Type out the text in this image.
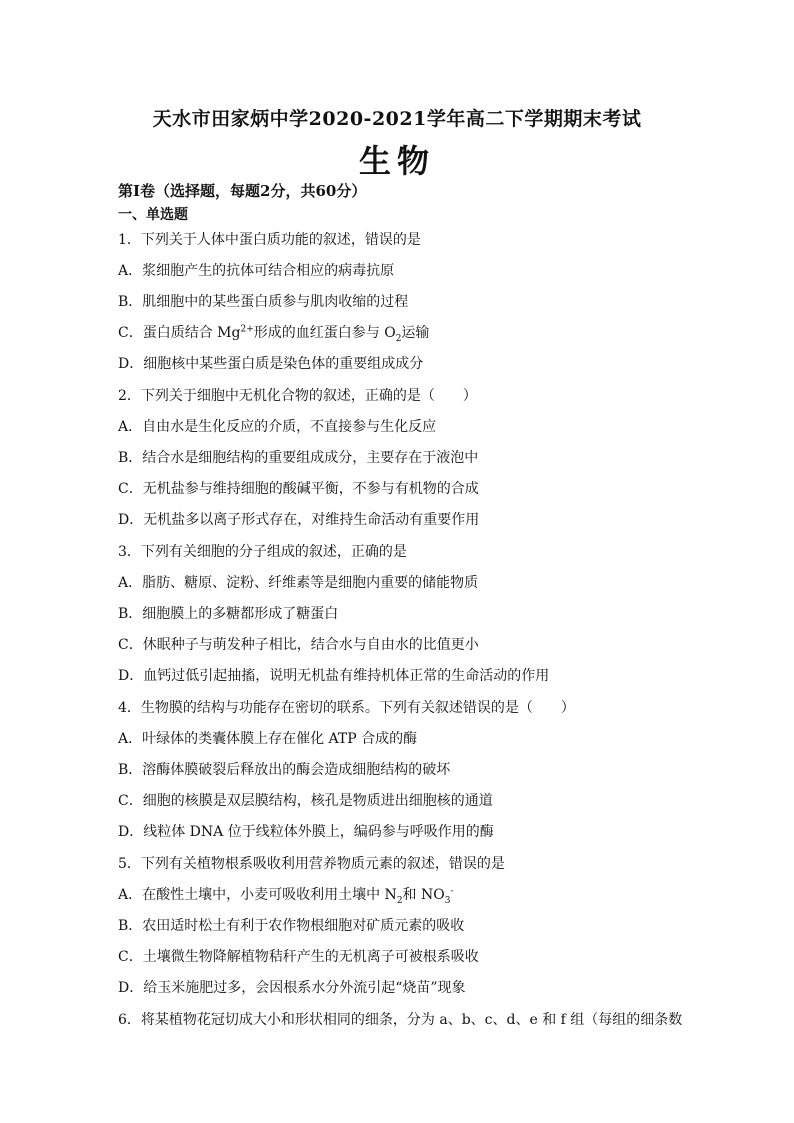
天水市田家炳中学2020-2021学年高二下学期期末考试
生物
第Ⅰ卷（选择题，每题2分，共60分）
一、单选题
1．下列关于人体中蛋白质功能的叙述，错误的是
A．浆细胞产生的抗体可结合相应的病毒抗原
B．肌细胞中的某些蛋白质参与肌肉收缩的过程
C．蛋白质结合 $Mg^{2+}$形成的血红蛋白参与 $O_2$运输
D．细胞核中某些蛋白质是染色体的重要组成成分
2．下列关于细胞中无机化合物的叙述，正确的是（　　）
A．自由水是生化反应的介质，不直接参与生化反应
B．结合水是细胞结构的重要组成成分，主要存在于液泡中
C．无机盐参与维持细胞的酸碱平衡，不参与有机物的合成
D．无机盐多以离子形式存在，对维持生命活动有重要作用
3．下列有关细胞的分子组成的叙述，正确的是
A．脂肪、糖原、淀粉、纤维素等是细胞内重要的储能物质
B．细胞膜上的多糖都形成了糖蛋白
C．休眠种子与萌发种子相比，结合水与自由水的比值更小
D．血钙过低引起抽搐，说明无机盐有维持机体正常的生命活动的作用
4．生物膜的结构与功能存在密切的联系。下列有关叙述错误的是（　　）
A．叶绿体的类囊体膜上存在催化 ATP 合成的酶
B．溶酶体膜破裂后释放出的酶会造成细胞结构的破坏
C．细胞的核膜是双层膜结构，核孔是物质进出细胞核的通道
D．线粒体 DNA 位于线粒体外膜上，编码参与呼吸作用的酶
5．下列有关植物根系吸收利用营养物质元素的叙述，错误的是
A．在酸性土壤中，小麦可吸收利用土壤中 $N_2$和 $NO_3^-$
B．农田适时松土有利于农作物根细胞对矿质元素的吸收
C．土壤微生物降解植物秸秆产生的无机离子可被根系吸收
D．给玉米施肥过多，会因根系水分外流引起“烧苗”现象
6．将某植物花冠切成大小和形状相同的细条，分为 a、b、c、d、e 和 f 组（每组的细条数
